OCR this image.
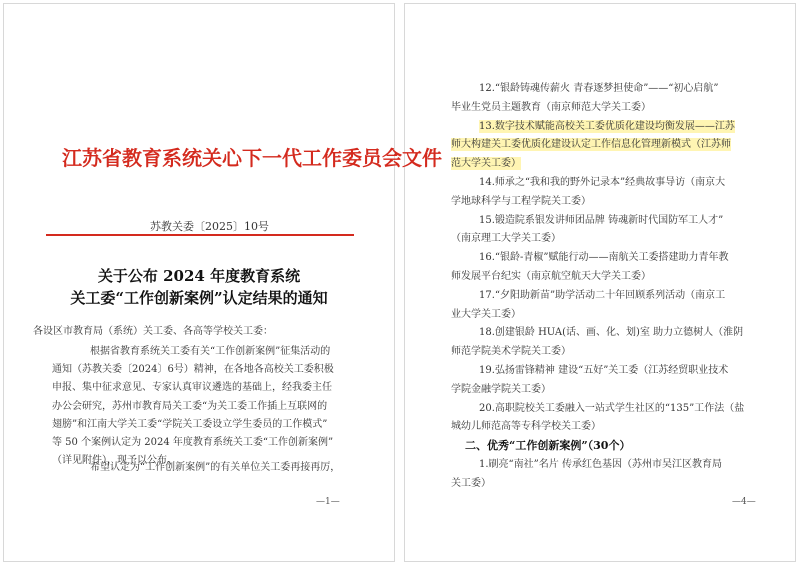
江苏省教育系统关心下一代工作委员会文件
苏教关委〔2025〕10号
关于公布 2024 年度教育系统
关工委“工作创新案例”认定结果的通知
各设区市教育局（系统）关工委、各高等学校关工委：
根据省教育系统关工委有关“工作创新案例”征集活动的
通知（苏教关委〔2024〕6号）精神，在各地各高校关工委积极
申报、集中征求意见、专家认真审议遴选的基础上，经我委主任
办公会研究，苏州市教育局关工委“为关工委工作插上互联网的
翅膀”和江南大学关工委“学院关工委设立学生委员的工作模式”
等 50 个案例认定为 2024 年度教育系统关工委“工作创新案例”
（详见附件），现予以公布。
希望认定为“工作创新案例”的有关单位关工委再接再厉，
—1—
12.“银龄铸魂传薪火 青春逐梦担使命”——“初心启航”
毕业生党员主题教育（南京师范大学关工委）
13.数字技术赋能高校关工委优质化建设均衡发展——江苏
师大构建关工委优质化建设认定工作信息化管理新模式（江苏师
范大学关工委）
14.师承之“我和我的野外记录本”经典故事导访（南京大
学地球科学与工程学院关工委）
15.锻造院系银发讲师团品牌 铸魂新时代国防军工人才”
（南京理工大学关工委）
16.“银龄-青椒”赋能行动——南航关工委搭建助力青年教
师发展平台纪实（南京航空航天大学关工委）
17.“夕阳助新苗”助学活动二十年回顾系列活动（南京工
业大学关工委）
18.创建银龄 HUA(话、画、化、划)室 助力立德树人（淮阴
师范学院美术学院关工委）
19.弘扬雷锋精神 建设“五好”关工委（江苏经贸职业技术
学院金融学院关工委）
20.高职院校关工委融入一站式学生社区的“135”工作法（盐
城幼儿师范高等专科学校关工委）
二、优秀“工作创新案例”（30个）
1.刷亮“南社”名片 传承红色基因（苏州市吴江区教育局
关工委）
—4—
